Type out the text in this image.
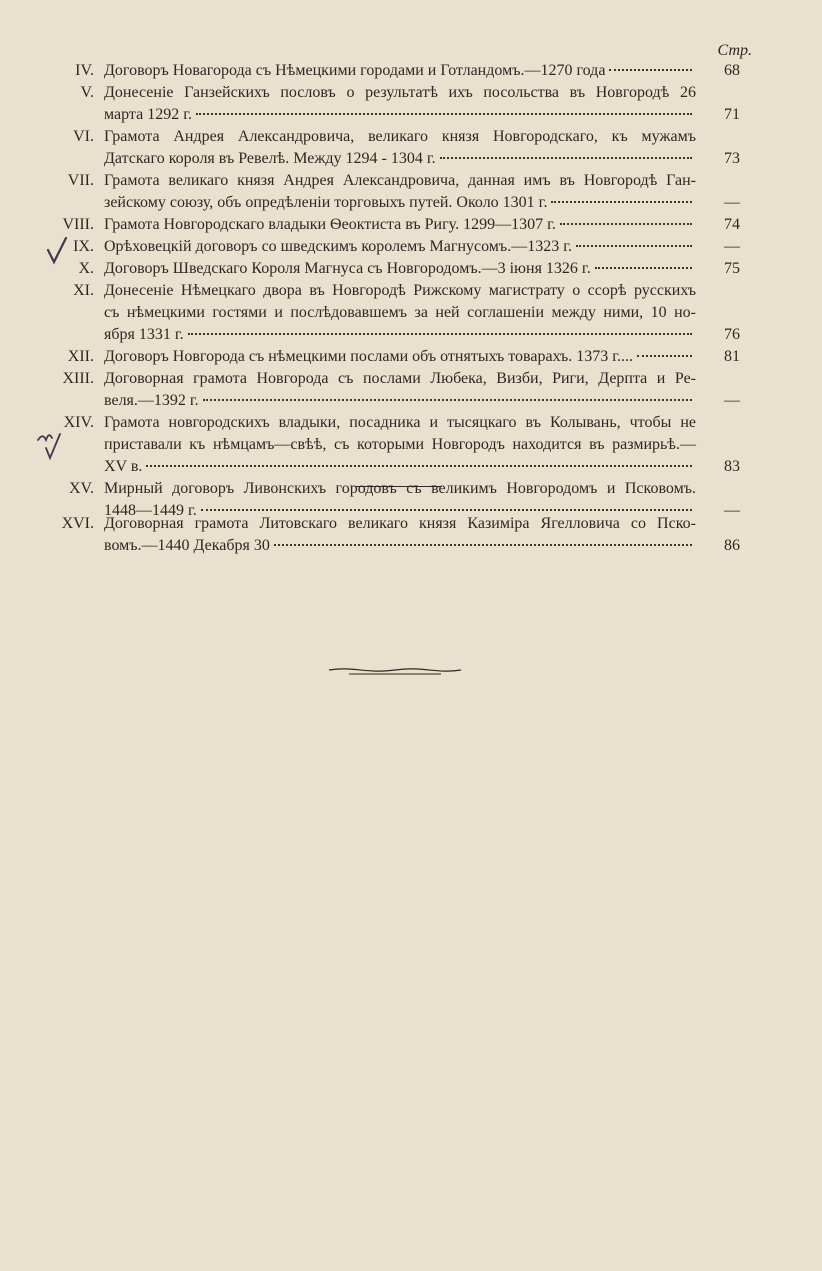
Стр.
IV. Договоръ Новагорода съ Нѣмецкими городами и Готландомъ.—1270 года	68
V. Донесеніе Ганзейскихъ пословъ о результатѣ ихъ посольства въ Новгородѣ 26
марта 1292 г.	71
VI. Грамота Андрея Александровича, великаго князя Новгородскаго, къ мужамъ
Датскаго короля въ Ревелѣ. Между 1294 - 1304 г.	73
VII. Грамота великаго князя Андрея Александровича, данная имъ въ Новгородѣ Ган-
зейскому союзу, объ опредѣленіи торговыхъ путей. Около 1301 г.	—
VIII. Грамота Новгородскаго владыки Ѳеоктиста въ Ригу. 1299—1307 г.	74
IX. Орѣховецкій договоръ со шведскимъ королемъ Магнусомъ.—1323 г.	—
X. Договоръ Шведскаго Короля Магнуса съ Новгородомъ.—3 іюня 1326 г.	75
XI. Донесеніе Нѣмецкаго двора въ Новгородѣ Рижскому магистрату о ссорѣ русскихъ
съ нѣмецкими гостями и послѣдовавшемъ за ней соглашеніи между ними, 10 но-
ября 1331 г.	76
XII. Договоръ Новгорода съ нѣмецкими послами объ отнятыхъ товарахъ. 1373 г....	81
XIII. Договорная грамота Новгорода съ послами Любека, Визби, Риги, Дерпта и Ре-
веля.—1392 г.	—
XIV. Грамота новгородскихъ владыки, посадника и тысяцкаго въ Колывань, чтобы не
приставали къ нѣмцамъ—свѣѣ, съ которыми Новгородъ находится въ размирьѣ.—
XV в.	83
XV. Мирный договоръ Ливонскихъ городовъ съ великимъ Новгородомъ и Псковомъ.
1448—1449 г.	—
XVI. Договорная грамота Литовскаго великаго князя Казиміра Ягелловича со Пско-
вомъ.—1440 Декабря 30	86
